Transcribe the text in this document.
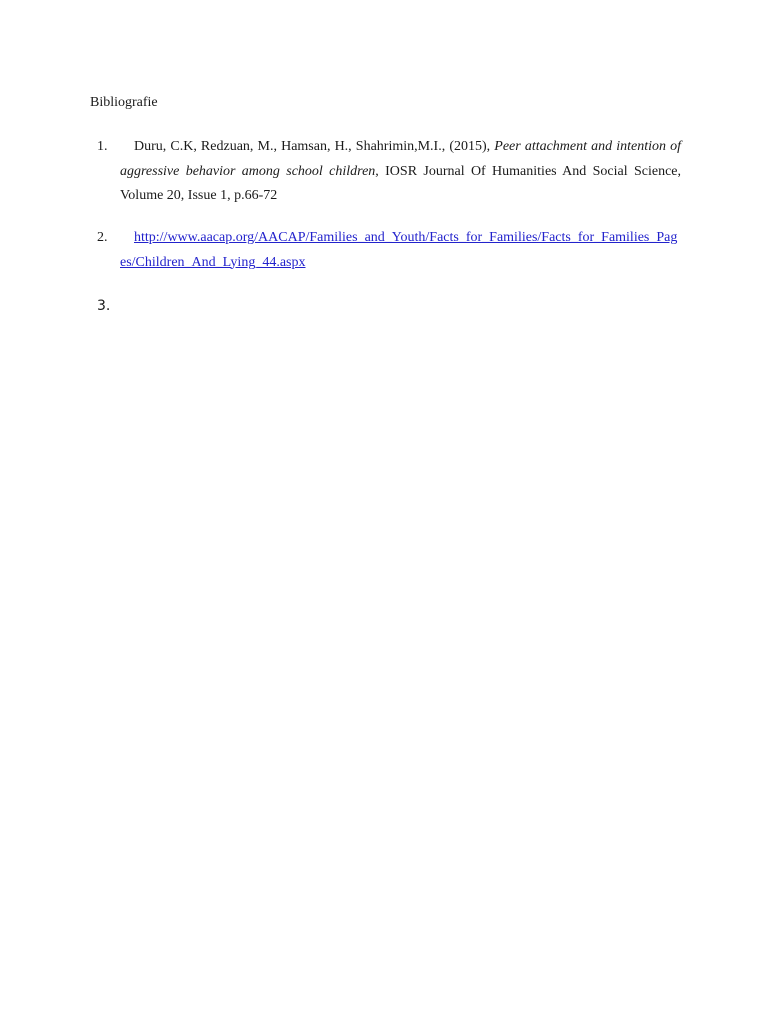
Bibliografie
1.	Duru, C.K, Redzuan, M., Hamsan, H., Shahrimin,M.I., (2015), Peer attachment and intention of aggressive behavior among school children, IOSR Journal Of Humanities And Social Science, Volume 20, Issue 1, p.66-72
2.	http://www.aacap.org/AACAP/Families_and_Youth/Facts_for_Families/Facts_for_Families_Pages/Children_And_Lying_44.aspx
3.
